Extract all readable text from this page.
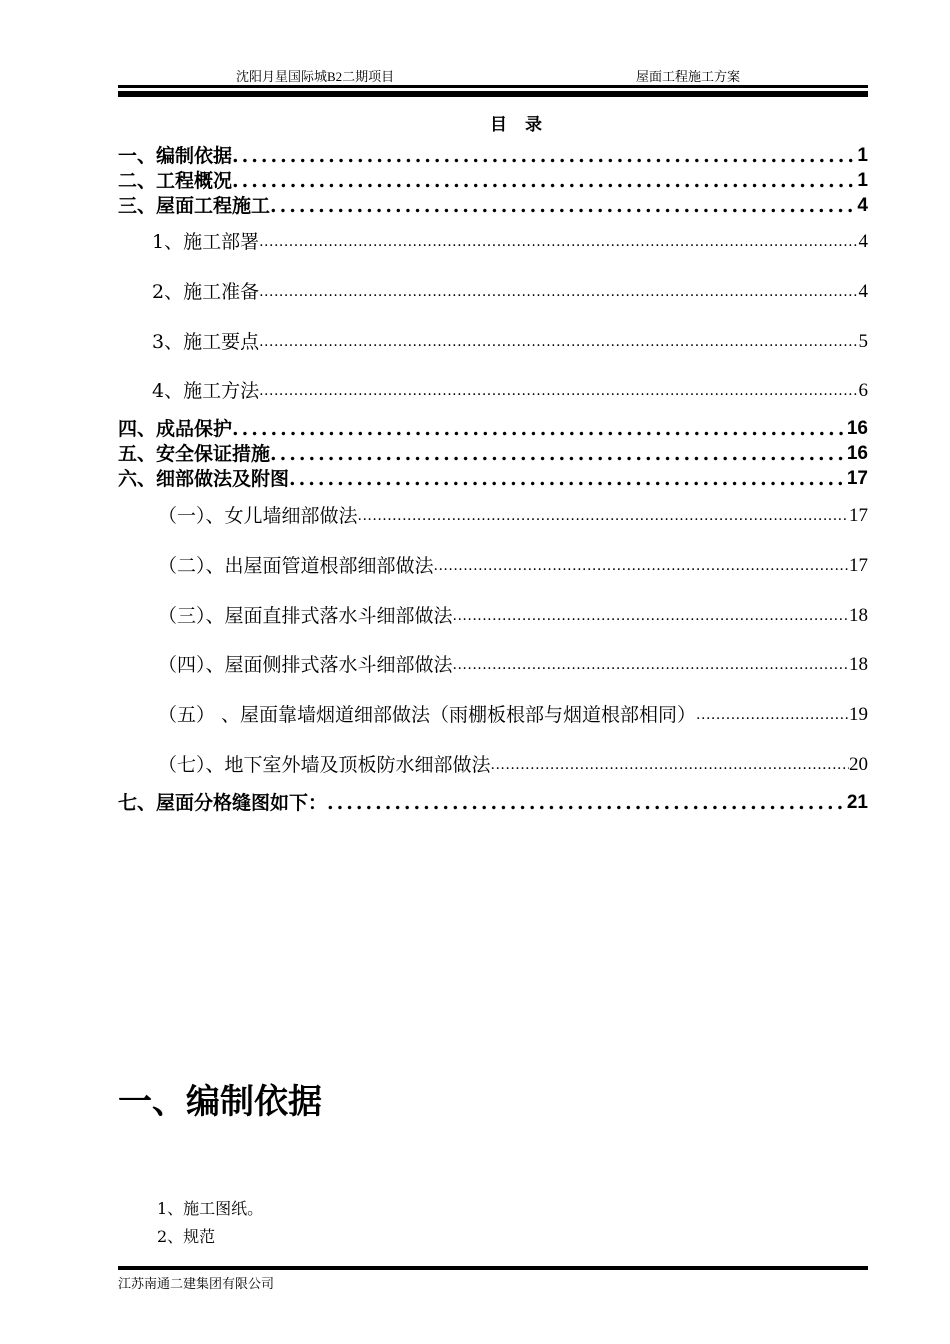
沈阳月星国际城B2二期项目	屋面工程施工方案
目 录
一、编制依据 .....	1
二、工程概况 .....	1
三、屋面工程施工 .....	4
1、施工部署 .....	4
2、施工准备 .....	4
3、施工要点 .....	5
4、施工方法 .....	6
四、成品保护 .....	16
五、安全保证措施 .....	16
六、细部做法及附图 .....	17
（一）、女儿墙细部做法 .....	17
（二）、出屋面管道根部细部做法 .....	17
（三）、屋面直排式落水斗细部做法 .....	18
（四）、屋面侧排式落水斗细部做法 .....	18
（五） 、屋面靠墙烟道细部做法（雨棚板根部与烟道根部相同） .....	19
（七）、地下室外墙及顶板防水细部做法 .....	20
七、屋面分格缝图如下： .....	21
一、编制依据
1、施工图纸。
2、规范
江苏南通二建集团有限公司
